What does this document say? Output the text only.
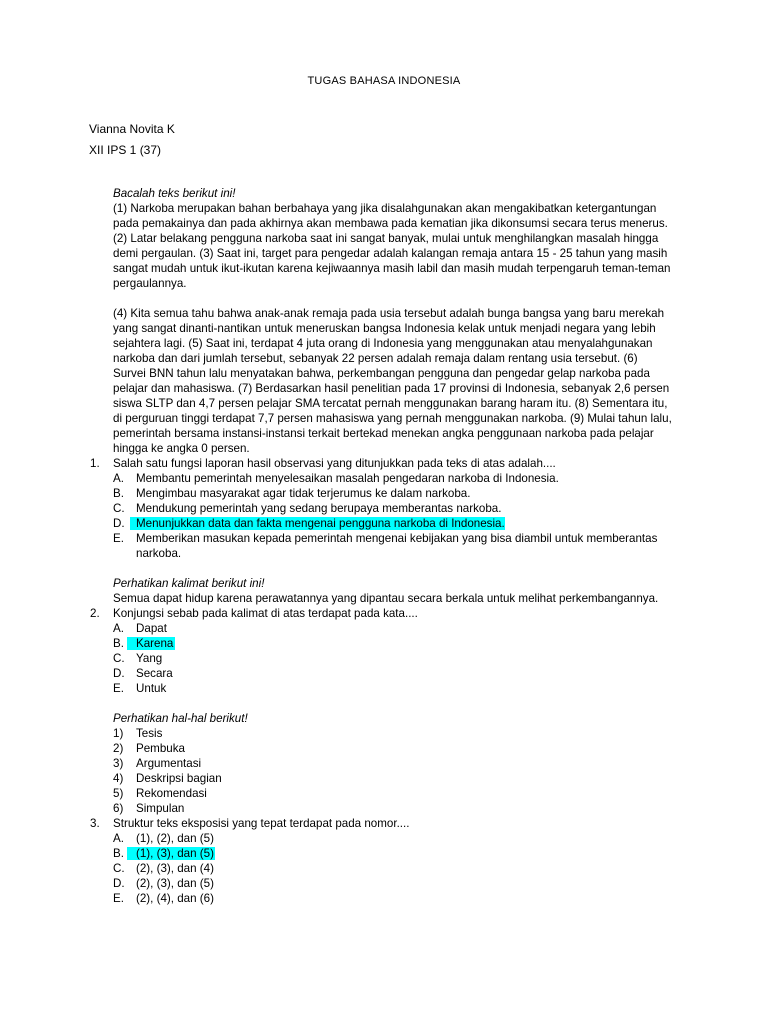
TUGAS BAHASA INDONESIA
Vianna Novita K
XII IPS 1 (37)

Bacalah teks berikut ini!

(1) Narkoba merupakan bahan berbahaya yang jika disalahgunakan akan mengakibatkan ketergantungan pada pemakainya dan pada akhirnya akan membawa pada kematian jika dikonsumsi secara terus menerus. (2) Latar belakang pengguna narkoba saat ini sangat banyak, mulai untuk menghilangkan masalah hingga demi pergaulan. (3) Saat ini, target para pengedar adalah kalangan remaja antara 15 - 25 tahun yang masih sangat mudah untuk ikut-ikutan karena kejiwaannya masih labil dan masih mudah terpengaruh teman-teman pergaulannya.

(4) Kita semua tahu bahwa anak-anak remaja pada usia tersebut adalah bunga bangsa yang baru merekah yang sangat dinanti-nantikan untuk meneruskan bangsa Indonesia kelak untuk menjadi negara yang lebih sejahtera lagi. (5) Saat ini, terdapat 4 juta orang di Indonesia yang menggunakan atau menyalahgunakan narkoba dan dari jumlah tersebut, sebanyak 22 persen adalah remaja dalam rentang usia tersebut. (6) Survei BNN tahun lalu menyatakan bahwa, perkembangan pengguna dan pengedar gelap narkoba pada pelajar dan mahasiswa. (7) Berdasarkan hasil penelitian pada 17 provinsi di Indonesia, sebanyak 2,6 persen siswa SLTP dan 4,7 persen pelajar SMA tercatat pernah menggunakan barang haram itu. (8) Sementara itu, di perguruan tinggi terdapat 7,7 persen mahasiswa yang pernah menggunakan narkoba. (9) Mulai tahun lalu, pemerintah bersama instansi-instansi terkait bertekad menekan angka penggunaan narkoba pada pelajar hingga ke angka 0 persen.

1. Salah satu fungsi laporan hasil observasi yang ditunjukkan pada teks di atas adalah....

A. Membantu pemerintah menyelesaikan masalah pengedaran narkoba di Indonesia.
B. Mengimbau masyarakat agar tidak terjerumus ke dalam narkoba.
C. Mendukung pemerintah yang sedang berupaya memberantas narkoba.
D. Menunjukkan data dan fakta mengenai pengguna narkoba di Indonesia.
E. Memberikan masukan kepada pemerintah mengenai kebijakan yang bisa diambil untuk memberantas narkoba.

Perhatikan kalimat berikut ini!

Semua dapat hidup karena perawatannya yang dipantau secara berkala untuk melihat perkembangannya.

2. Konjungsi sebab pada kalimat di atas terdapat pada kata....

A. Dapat
B. Karena
C. Yang
D. Secara
E. Untuk

Perhatikan hal-hal berikut!

1) Tesis
2) Pembuka
3) Argumentasi
4) Deskripsi bagian
5) Rekomendasi
6) Simpulan
3. Struktur teks eksposisi yang tepat terdapat pada nomor....

A. (1), (2), dan (5)
B. (1), (3), dan (5)
C. (2), (3), dan (4)
D. (2), (3), dan (5)
E. (2), (4), dan (6)
